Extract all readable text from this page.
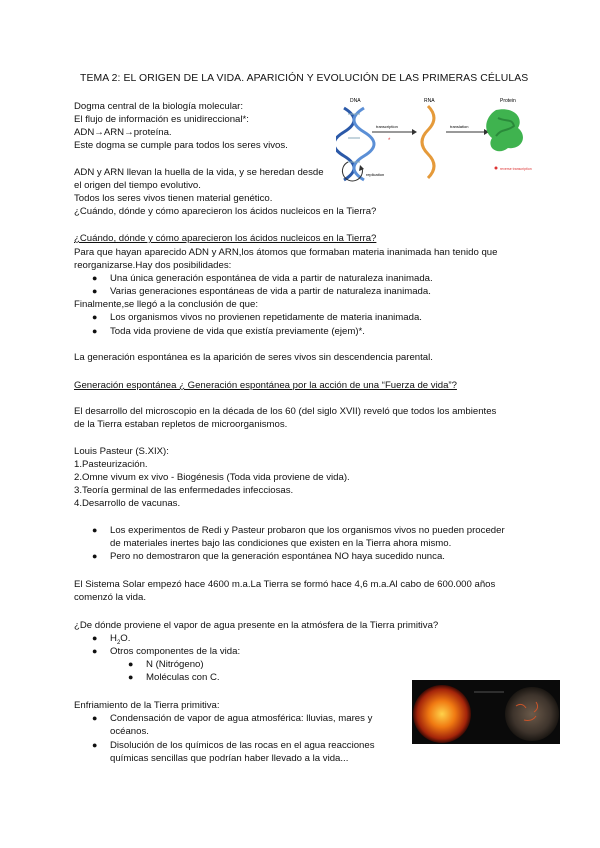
TEMA 2: EL ORIGEN DE LA VIDA. APARICIÓN Y EVOLUCIÓN DE LAS PRIMERAS CÉLULAS
Dogma central de la biología molecular:
El flujo de información es unidireccional*:
ADN→ARN→proteína.
Este dogma se cumple para todos los seres vivos.
ADN y ARN llevan la huella de la vida, y se heredan desde
el origen del tiempo evolutivo.
Todos los seres vivos tienen material genético.
¿Cuándo, dónde y cómo aparecieron los ácidos nucleicos en la Tierra?
DNA	RNA	Protein
transcription
*
translation
replication
reverse transcription
¿Cuándo, dónde y cómo aparecieron los ácidos nucleicos en la Tierra?
Para que hayan aparecido ADN y ARN,los átomos que formaban materia inanimada han tenido que
reorganizarse.Hay dos posibilidades:
● Una única generación espontánea de vida a partir de naturaleza inanimada.
● Varias generaciones espontáneas de vida a partir de naturaleza inanimada.
Finalmente,se llegó a la conclusión de que:
● Los organismos vivos no provienen repetidamente de materia inanimada.
● Toda vida proviene de vida que existía previamente (ejem)*.
La generación espontánea es la aparición de seres vivos sin descendencia parental.
Generación espontánea ¿ Generación espontánea por la acción de una “Fuerza de vida”?
El desarrollo del microscopio en la década de los 60 (del siglo XVII) reveló que todos los ambientes
de la Tierra estaban repletos de microorganismos.
Louis Pasteur (S.XIX):
1.Pasteurización.
2.Omne vivum ex vivo - Biogénesis (Toda vida proviene de vida).
3.Teoría germinal de las enfermedades infecciosas.
4.Desarrollo de vacunas.
● Los experimentos de Redi y Pasteur probaron que los organismos vivos no pueden proceder
de materiales inertes bajo las condiciones que existen en la Tierra ahora mismo.
● Pero no demostraron que la generación espontánea NO haya sucedido nunca.
El Sistema Solar empezó hace 4600 m.a.La Tierra se formó hace 4,6 m.a.Al cabo de 600.000 años
comenzó la vida.
¿De dónde proviene el vapor de agua presente en la atmósfera de la Tierra primitiva?
● $H_2O$.
● Otros componentes de la vida:
● N (Nitrógeno)
● Moléculas con C.
Enfriamiento de la Tierra primitiva:
● Condensación de vapor de agua atmosférica: lluvias, mares y
océanos.
● Disolución de los químicos de las rocas en el agua reacciones
químicas sencillas que podrían haber llevado a la vida...
